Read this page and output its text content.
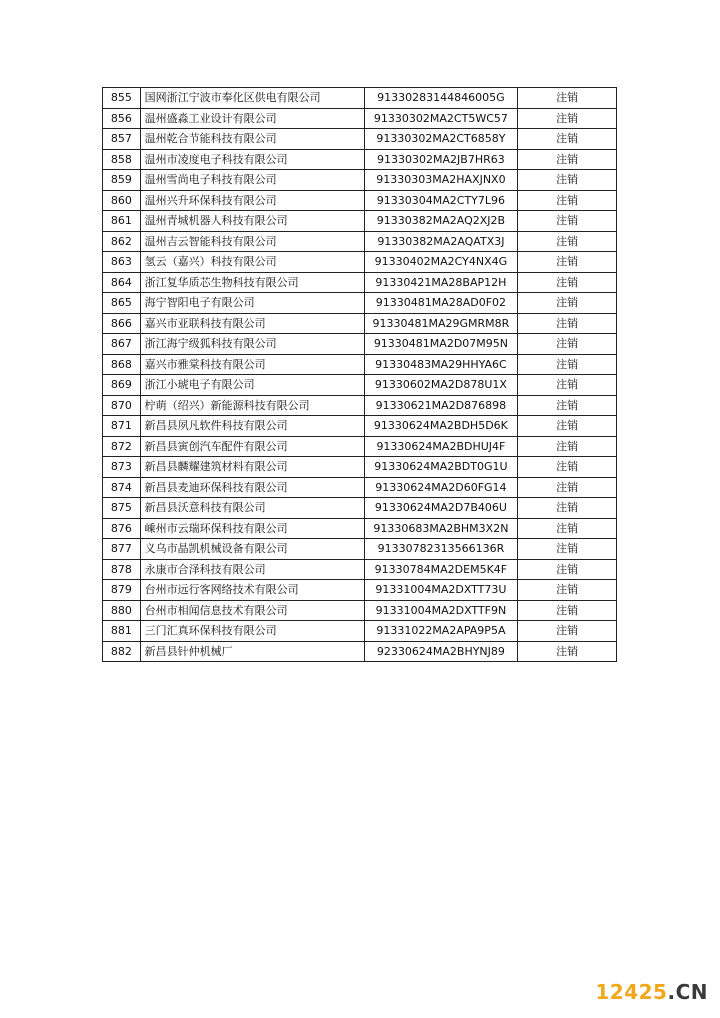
855	国网浙江宁波市奉化区供电有限公司	91330283144846005G	注销
856	温州盛淼工业设计有限公司	91330302MA2CT5WC57	注销
857	温州乾合节能科技有限公司	91330302MA2CT6858Y	注销
858	温州市凌度电子科技有限公司	91330302MA2JB7HR63	注销
859	温州雪尚电子科技有限公司	91330303MA2HAXJNX0	注销
860	温州兴升环保科技有限公司	91330304MA2CTY7L96	注销
861	温州青城机器人科技有限公司	91330382MA2AQ2XJ2B	注销
862	温州吉云智能科技有限公司	91330382MA2AQATX3J	注销
863	氢云（嘉兴）科技有限公司	91330402MA2CY4NX4G	注销
864	浙江复华质芯生物科技有限公司	91330421MA28BAP12H	注销
865	海宁智阳电子有限公司	91330481MA28AD0F02	注销
866	嘉兴市亚联科技有限公司	91330481MA29GMRM8R	注销
867	浙江海宁级狐科技有限公司	91330481MA2D07M95N	注销
868	嘉兴市雅棠科技有限公司	91330483MA29HHYA6C	注销
869	浙江小琥电子有限公司	91330602MA2D878U1X	注销
870	柠萌（绍兴）新能源科技有限公司	91330621MA2D876898	注销
871	新昌县夙凡软件科技有限公司	91330624MA2BDH5D6K	注销
872	新昌县寅创汽车配件有限公司	91330624MA2BDHUJ4F	注销
873	新昌县麟耀建筑材料有限公司	91330624MA2BDT0G1U	注销
874	新昌县麦迪环保科技有限公司	91330624MA2D60FG14	注销
875	新昌县沃意科技有限公司	91330624MA2D7B406U	注销
876	嵊州市云瑞环保科技有限公司	91330683MA2BHM3X2N	注销
877	义乌市晶凯机械设备有限公司	91330782313566136R	注销
878	永康市合泽科技有限公司	91330784MA2DEM5K4F	注销
879	台州市远行客网络技术有限公司	91331004MA2DXTT73U	注销
880	台州市相闻信息技术有限公司	91331004MA2DXTTF9N	注销
881	三门汇真环保科技有限公司	91331022MA2APA9P5A	注销
882	新昌县针仲机械厂	92330624MA2BHYNJ89	注销
12425.CN
